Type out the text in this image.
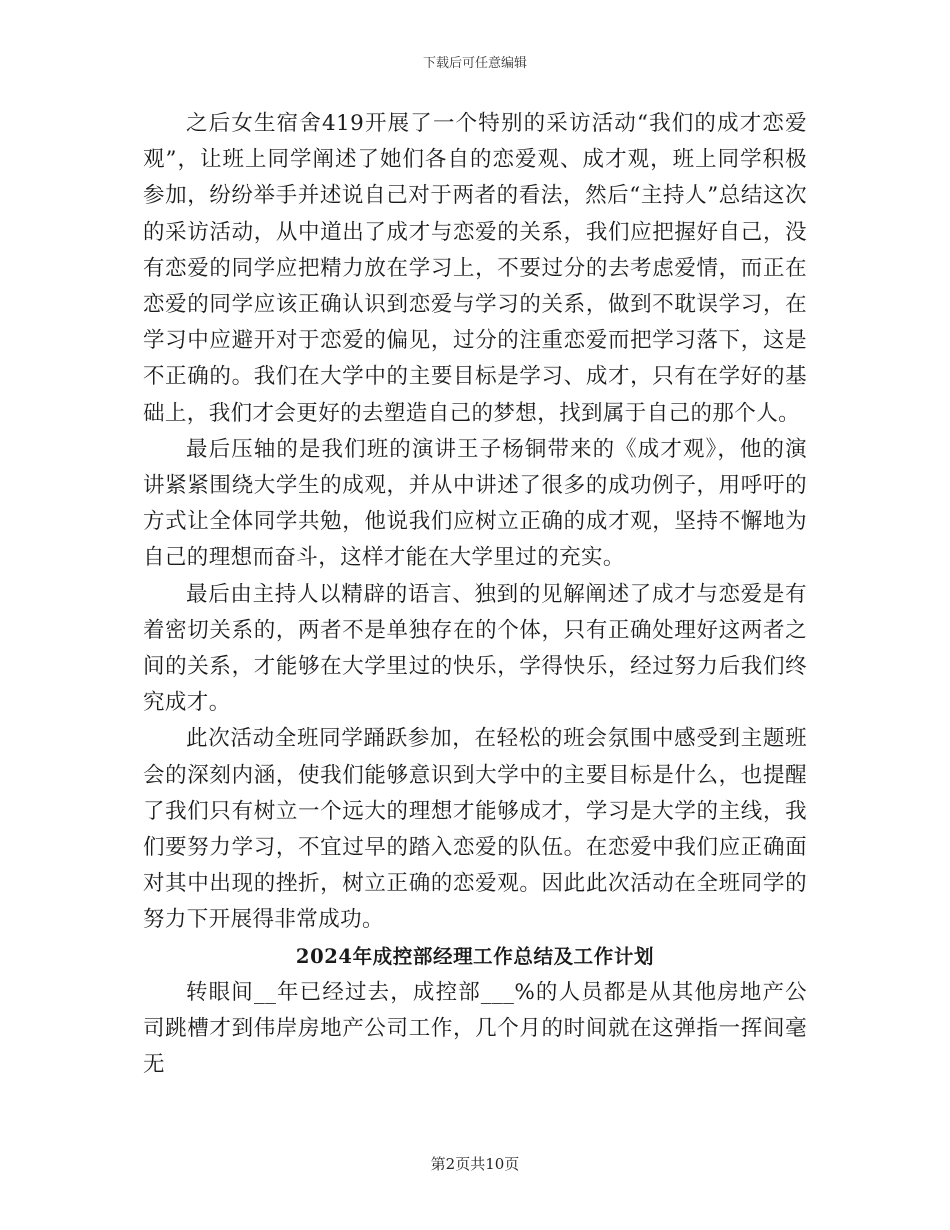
下载后可任意编辑

之后女生宿舍419开展了一个特别的采访活动“我们的成才恋爱观”，让班上同学阐述了她们各自的恋爱观、成才观，班上同学积极参加，纷纷举手并述说自己对于两者的看法，然后“主持人”总结这次的采访活动，从中道出了成才与恋爱的关系，我们应把握好自己，没有恋爱的同学应把精力放在学习上，不要过分的去考虑爱情，而正在恋爱的同学应该正确认识到恋爱与学习的关系，做到不耽误学习，在学习中应避开对于恋爱的偏见，过分的注重恋爱而把学习落下，这是不正确的。我们在大学中的主要目标是学习、成才，只有在学好的基础上，我们才会更好的去塑造自己的梦想，找到属于自己的那个人。

最后压轴的是我们班的演讲王子杨铜带来的《成才观》，他的演讲紧紧围绕大学生的成观，并从中讲述了很多的成功例子，用呼吁的方式让全体同学共勉，他说我们应树立正确的成才观，坚持不懈地为自己的理想而奋斗，这样才能在大学里过的充实。

最后由主持人以精辟的语言、独到的见解阐述了成才与恋爱是有着密切关系的，两者不是单独存在的个体，只有正确处理好这两者之间的关系，才能够在大学里过的快乐，学得快乐，经过努力后我们终究成才。

此次活动全班同学踊跃参加，在轻松的班会氛围中感受到主题班会的深刻内涵，使我们能够意识到大学中的主要目标是什么，也提醒了我们只有树立一个远大的理想才能够成才，学习是大学的主线，我们要努力学习，不宜过早的踏入恋爱的队伍。在恋爱中我们应正确面对其中出现的挫折，树立正确的恋爱观。因此此次活动在全班同学的努力下开展得非常成功。

2024年成控部经理工作总结及工作计划

转眼间__年已经过去，成控部___%的人员都是从其他房地产公司跳槽才到伟岸房地产公司工作，几个月的时间就在这弹指一挥间毫无

第2页共10页
